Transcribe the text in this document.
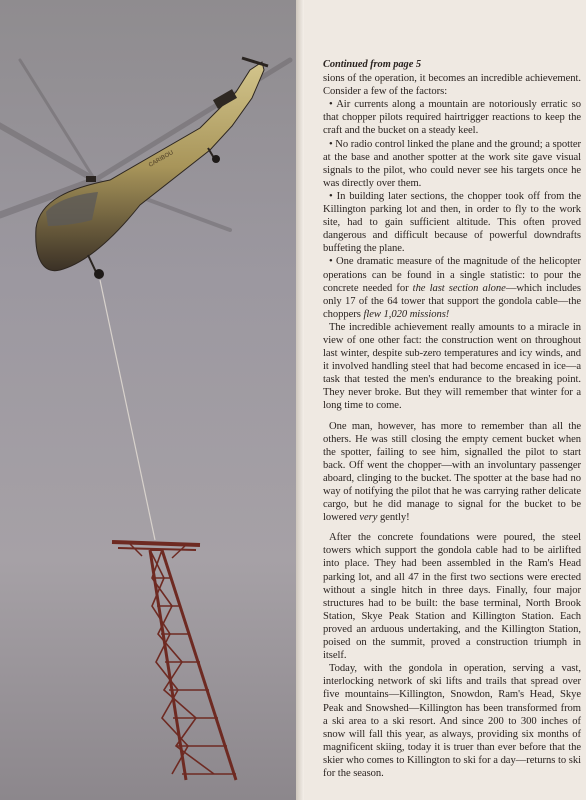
CARIBOU
Continued from page 5

sions of the operation, it becomes an incredible achievement. Consider a few of the factors:

• Air currents along a mountain are notoriously erratic so that chopper pilots required hairtrigger reactions to keep the craft and the bucket on a steady keel.

• No radio control linked the plane and the ground; a spotter at the base and another spotter at the work site gave visual signals to the pilot, who could never see his targets once he was directly over them.

• In building later sections, the chopper took off from the Killington parking lot and then, in order to fly to the work site, had to gain sufficient altitude. This often proved dangerous and difficult because of powerful downdrafts buffeting the plane.

• One dramatic measure of the magnitude of the helicopter operations can be found in a single statistic: to pour the concrete needed for the last section alone—which includes only 17 of the 64 tower that support the gondola cable—the choppers flew 1,020 missions!

The incredible achievement really amounts to a miracle in view of one other fact: the construction went on throughout last winter, despite sub-zero temperatures and icy winds, and it involved handling steel that had become encased in ice—a task that tested the men's endurance to the breaking point. They never broke. But they will remember that winter for a long time to come.

One man, however, has more to remember than all the others. He was still closing the empty cement bucket when the spotter, failing to see him, signalled the pilot to start back. Off went the chopper—with an involuntary passenger aboard, clinging to the bucket. The spotter at the base had no way of notifying the pilot that he was carrying rather delicate cargo, but he did manage to signal for the bucket to be lowered very gently!

After the concrete foundations were poured, the steel towers which support the gondola cable had to be airlifted into place. They had been assembled in the Ram's Head parking lot, and all 47 in the first two sections were erected without a single hitch in three days. Finally, four major structures had to be built: the base terminal, North Brook Station, Skye Peak Station and Killington Station. Each proved an arduous undertaking, and the Killington Station, poised on the summit, proved a construction triumph in itself.

Today, with the gondola in operation, serving a vast, interlocking network of ski lifts and trails that spread over five mountains—Killington, Snowdon, Ram's Head, Skye Peak and Snowshed—Killington has been transformed from a ski area to a ski resort. And since 200 to 300 inches of snow will fall this year, as always, providing six months of magnificent skiing, today it is truer than ever before that the skier who comes to Killington to ski for a day—returns to ski for the season.
